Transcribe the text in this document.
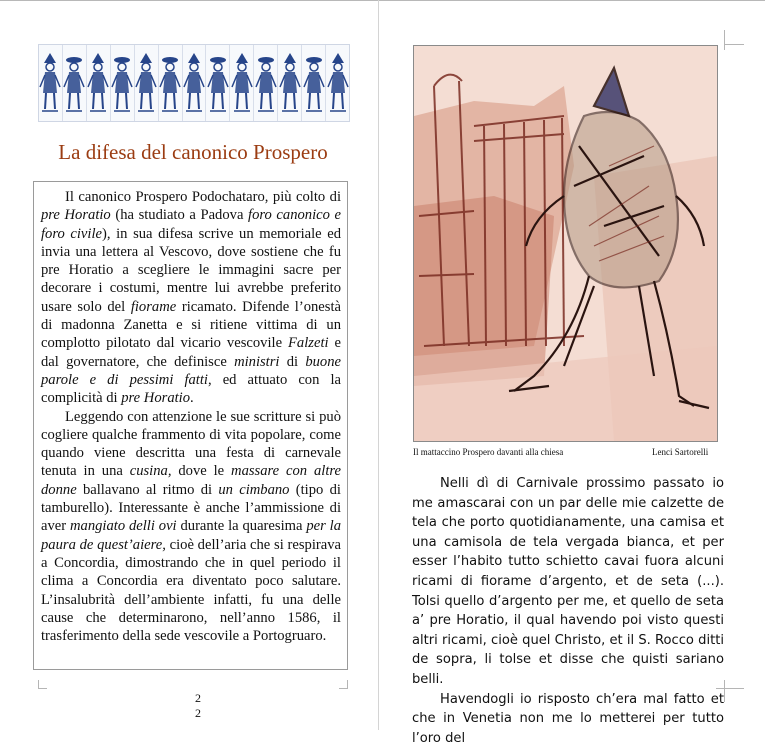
La difesa del canonico Prospero

Il canonico Prospero Podochataro, più colto di pre Horatio (ha studiato a Padova foro canonico e foro civile), in sua difesa scrive un memoriale ed invia una lettera al Vescovo, dove sostiene che fu pre Horatio a scegliere le immagini sacre per decorare i costumi, mentre lui avrebbe preferito usare solo del fiorame ricamato. Difende l’onestà di madonna Zanetta e si ritiene vittima di un complotto pilotato dal vicario vescovile Falzeti e dal governatore, che definisce ministri di buone parole e di pessimi fatti, ed attuato con la complicità di pre Horatio.

Leggendo con attenzione le sue scritture si può cogliere qualche frammento di vita popolare, come quando viene descritta una festa di carnevale tenuta in una cusina, dove le massare con altre donne ballavano al ritmo di un cimbano (tipo di tamburello). Interessante è anche l’ammissione di aver mangiato delli ovi durante la quaresima per la paura de quest’aiere, cioè dell’aria che si respirava a Concordia, dimostrando che in quel periodo il clima a Concordia era diventato poco salutare. L’insalubrità dell’ambiente infatti, fu una delle cause che determinarono, nell’anno 1586, il trasferimento della sede vescovile a Portogruaro.

2
2
Il mattaccino Prospero davanti alla chiesa	Lenci Sartorelli

Nelli dì di Carnivale prossimo passato io me amascarai con un par delle mie calzette de tela che porto quotidianamente, una camisa et una camisola de tela vergada bianca, et per esser l’habito tutto schietto cavai fuora alcuni ricami di fiorame d’argento, et de seta (...). Tolsi quello d’argento per me, et quello de seta a’ pre Horatio, il qual havendo poi visto questi altri ricami, cioè quel Christo, et il S. Rocco ditti de sopra, li tolse et disse che quisti sariano belli.

Havendogli io risposto ch’era mal fatto et che in Venetia non me lo metterei per tutto l’oro del
